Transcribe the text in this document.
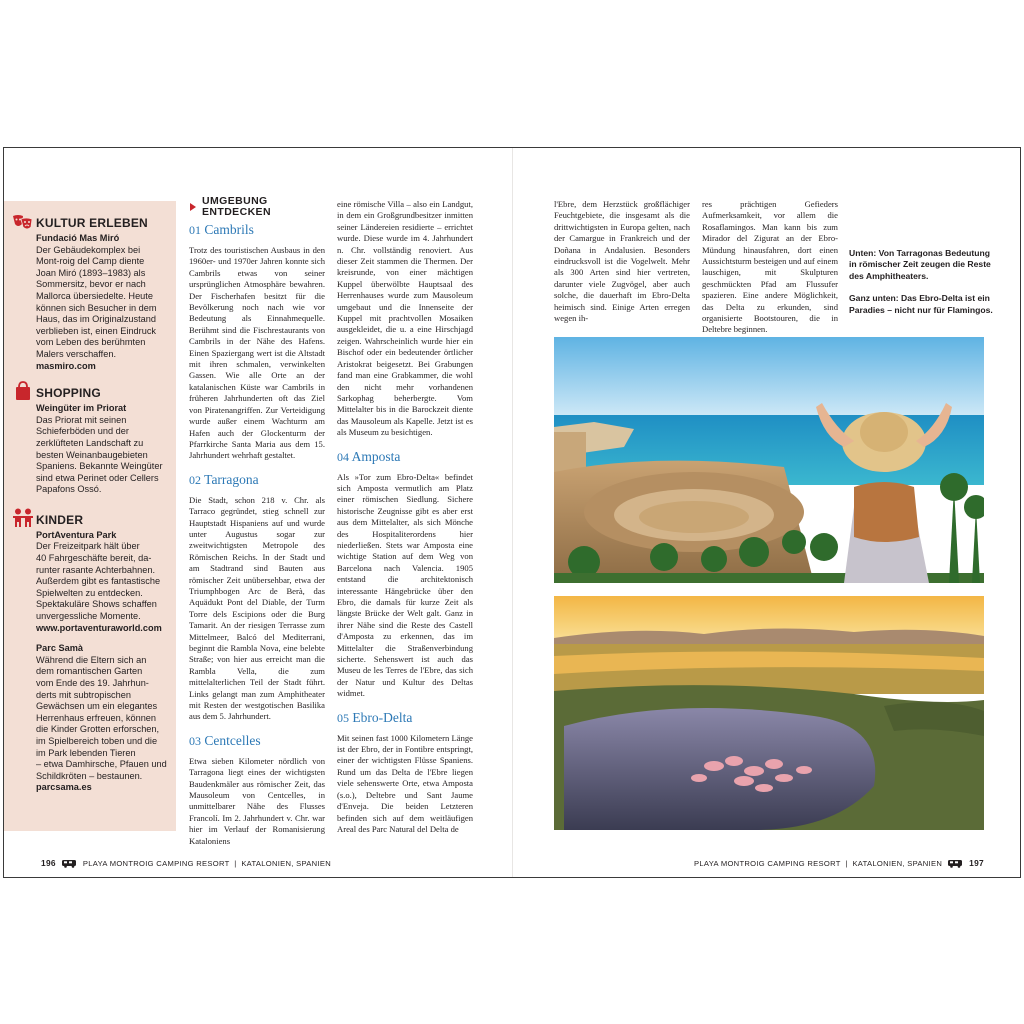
KULTUR ERLEBEN
Fundació Mas Miró
Der Gebäudekomplex bei
Mont-roig del Camp diente
Joan Miró (1893–1983) als
Sommersitz, bevor er nach
Mallorca übersiedelte. Heute
können sich Besucher in dem
Haus, das im Originalzustand
verblieben ist, einen Eindruck
vom Leben des berühmten
Malers verschaffen.
masmiro.com
SHOPPING
Weingüter im Priorat
Das Priorat mit seinen
Schieferböden und der
zerklüfteten Landschaft zu
besten Weinanbaugebieten
Spaniens. Bekannte Weingüter
sind etwa Perinet oder Cellers
Papafons Ossó.
KINDER
PortAventura Park
Der Freizeitpark hält über
40 Fahrgeschäfte bereit, da-
runter rasante Achterbahnen.
Außerdem gibt es fantastische
Spielwelten zu entdecken.
Spektakuläre Shows schaffen
unvergessliche Momente.
www.portaventuraworld.com
Parc Samà
Während die Eltern sich an
dem romantischen Garten
vom Ende des 19. Jahrhun-
derts mit subtropischen
Gewächsen um ein elegantes
Herrenhaus erfreuen, können
die Kinder Grotten erforschen,
im Spielbereich toben und die
im Park lebenden Tieren
– etwa Damhirsche, Pfauen und
Schildkröten – bestaunen.
parcsama.es
UMGEBUNG ENTDECKEN
01 Cambrils

Trotz des touristischen Ausbaus in den 1960er- und 1970er Jahren konnte sich Cambrils etwas von seiner ursprünglichen Atmosphäre bewahren. Der Fischerhafen besitzt für die Bevölkerung noch nach wie vor Bedeutung als Einnahmequelle. Berühmt sind die Fischrestaurants von Cambrils in der Nähe des Hafens. Einen Spaziergang wert ist die Altstadt mit ihren schmalen, verwinkelten Gassen. Wie alle Orte an der katalanischen Küste war Cambrils in früheren Jahrhunderten oft das Ziel von Piratenangriffen. Zur Verteidigung wurde außer einem Wachturm am Hafen auch der Glockenturm der Pfarrkirche Santa Maria aus dem 15. Jahrhundert wehrhaft gestaltet.

02 Tarragona

Die Stadt, schon 218 v. Chr. als Tarraco gegründet, stieg schnell zur Hauptstadt Hispaniens auf und wurde unter Augustus sogar zur zweitwichtigsten Metropole des Römischen Reichs. In der Stadt und am Stadtrand sind Bauten aus römischer Zeit unübersehbar, etwa der Triumphbogen Arc de Berà, das Aquädukt Pont del Diable, der Turm Torre dels Escipions oder die Burg Tamarit. An der riesigen Terrasse zum Mittelmeer, Balcó del Mediterrani, beginnt die Rambla Nova, eine belebte Straße; von hier aus erreicht man die Rambla Vella, die zum mittelalterlichen Teil der Stadt führt. Links gelangt man zum Amphitheater mit Resten der westgotischen Basilika aus dem 5. Jahrhundert.

03 Centcelles

Etwa sieben Kilometer nördlich von Tarragona liegt eines der wichtigsten Baudenkmäler aus römischer Zeit, das Mausoleum von Centcelles, in unmittelbarer Nähe des Flusses Francolí. Im 2. Jahrhundert v. Chr. war hier im Verlauf der Romanisierung Kataloniens

eine römische Villa – also ein Landgut, in dem ein Großgrundbesitzer inmitten seiner Ländereien residierte – errichtet wurde. Diese wurde im 4. Jahrhundert n. Chr. vollständig renoviert. Aus dieser Zeit stammen die Thermen. Der kreisrunde, von einer mächtigen Kuppel überwölbte Hauptsaal des Herrenhauses wurde zum Mausoleum umgebaut und die Innenseite der Kuppel mit prachtvollen Mosaiken ausgekleidet, die u. a eine Hirschjagd zeigen. Wahrscheinlich wurde hier ein Bischof oder ein bedeutender örtlicher Aristokrat beigesetzt. Bei Grabungen fand man eine Grabkammer, die wohl den nicht mehr vorhandenen Sarkophag beherbergte. Vom Mittelalter bis in die Barockzeit diente das Mausoleum als Kapelle. Jetzt ist es als Museum zu besichtigen.

04 Amposta

Als »Tor zum Ebro-Delta« befindet sich Amposta vermutlich am Platz einer römischen Siedlung. Sichere historische Zeugnisse gibt es aber erst aus dem Mittelalter, als sich Mönche des Hospitaliterordens hier niederließen. Stets war Amposta eine wichtige Station auf dem Weg von Barcelona nach Valencia. 1905 entstand die architektonisch interessante Hängebrücke über den Ebro, die damals für kurze Zeit als längste Brücke der Welt galt. Ganz in ihrer Nähe sind die Reste des Castell d'Amposta zu erkennen, das im Mittelalter die Straßenverbindung sicherte. Sehenswert ist auch das Museu de les Terres de l'Ebre, das sich der Natur und Kultur des Deltas widmet.

05 Ebro-Delta

Mit seinen fast 1000 Kilometern Länge ist der Ebro, der in Fontibre entspringt, einer der wichtigsten Flüsse Spaniens. Rund um das Delta de l'Ebre liegen viele sehenswerte Orte, etwa Amposta (s.o.), Deltebre und Sant Jaume d'Enveja. Die beiden Letzteren befinden sich auf dem weitläufigen Areal des Parc Natural del Delta de

l'Ebre, dem Herzstück großflächiger Feuchtgebiete, die insgesamt als die drittwichtigsten in Europa gelten, nach der Camargue in Frankreich und der Doñana in Andalusien. Besonders eindrucksvoll ist die Vogelwelt. Mehr als 300 Arten sind hier vertreten, darunter viele Zugvögel, aber auch solche, die dauerhaft im Ebro-Delta heimisch sind. Einige Arten erregen wegen ih-

res prächtigen Gefieders Aufmerksamkeit, vor allem die Rosaflamingos. Man kann bis zum Mirador del Zigurat an der Ebro-Mündung hinausfahren, dort einen Aussichtsturm besteigen und auf einem lauschigen, mit Skulpturen geschmückten Pfad am Flussufer spazieren. Eine andere Möglichkeit, das Delta zu erkunden, sind organisierte Bootstouren, die in Deltebre beginnen.

Unten: Von Tarragonas Bedeutung in römischer Zeit zeugen die Reste des Amphitheaters.

Ganz unten: Das Ebro-Delta ist ein Paradies – nicht nur für Flamingos.

196	PLAYA MONTROIG CAMPING RESORT  |  KATALONIEN, SPANIEN	PLAYA MONTROIG CAMPING RESORT  |  KATALONIEN, SPANIEN	197
